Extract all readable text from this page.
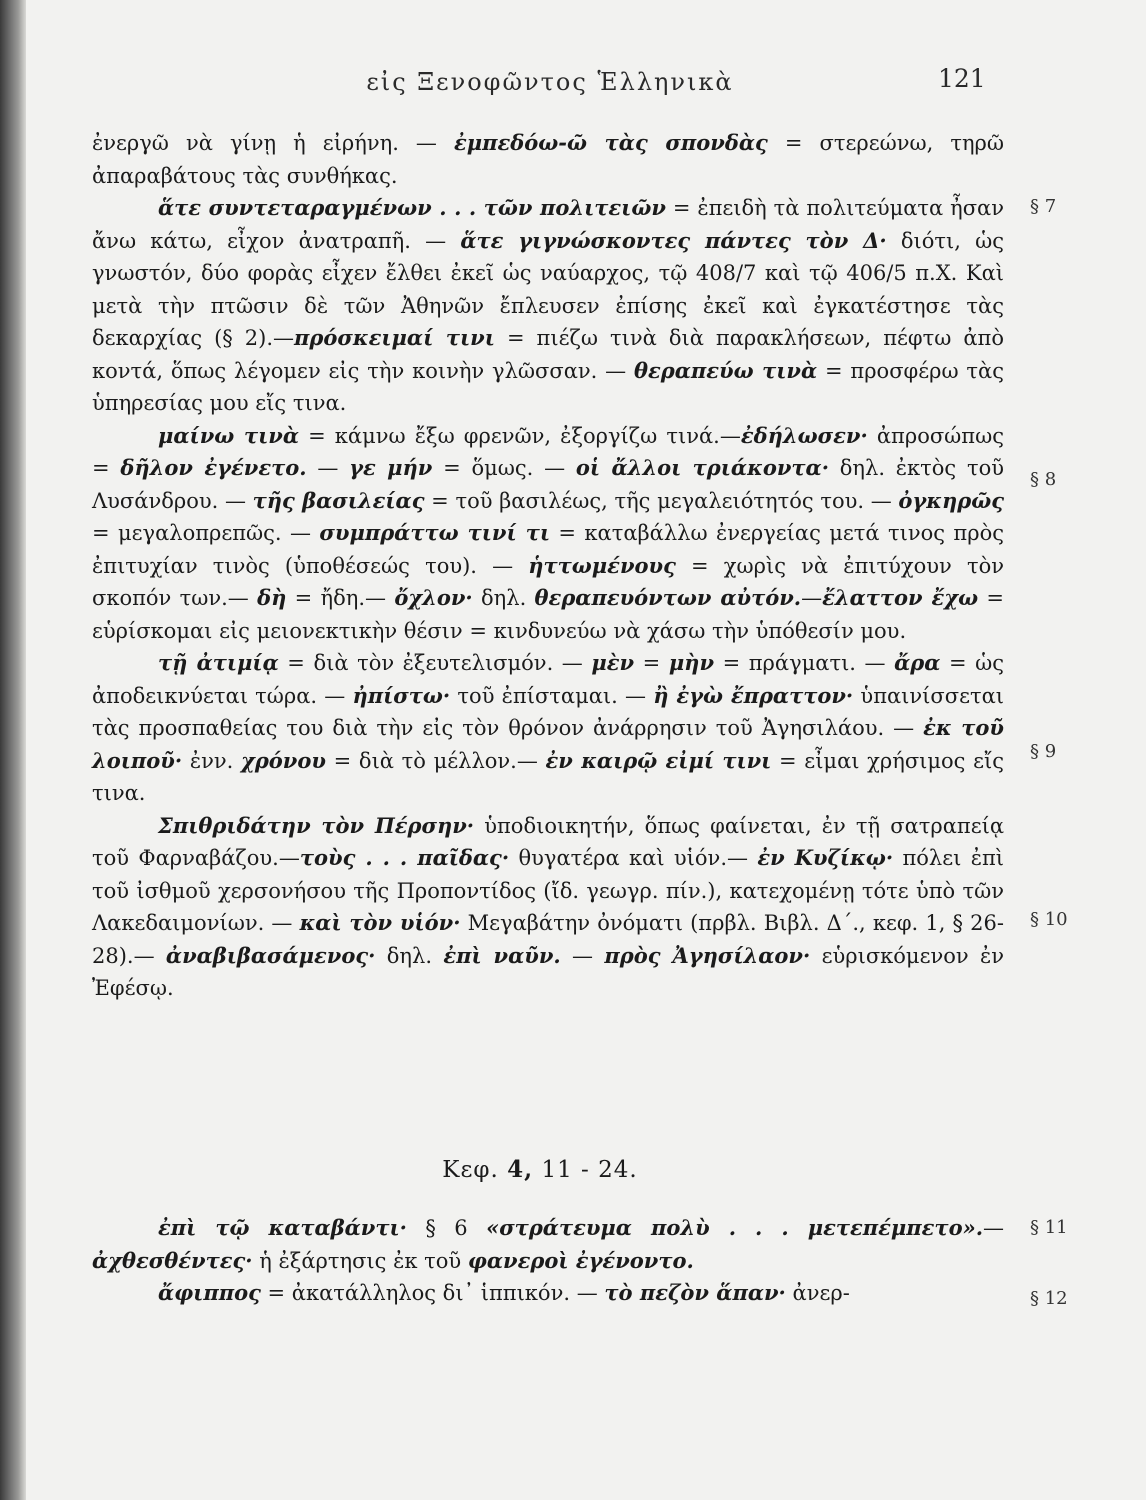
εἰς Ξενοφῶντος Ἑλληνικὰ	121

ἐνεργῶ νὰ γίνῃ ἡ εἰρήνη. — ἐμπεδόω-ῶ τὰς σπονδὰς = στερεώνω, τηρῶ ἀπαραβάτους τὰς συνθήκας.

ἅτε συντεταραγμένων . . . τῶν πολιτειῶν = ἐπειδὴ τὰ πολιτεύματα ἦσαν ἄνω κάτω, εἶχον ἀνατραπῆ. — ἅτε γιγνώσκοντες πάντες τὸν Δ· διότι, ὡς γνωστόν, δύο φορὰς εἶχεν ἔλθει ἐκεῖ ὡς ναύαρχος, τῷ 408/7 καὶ τῷ 406/5 π.Χ. Καὶ μετὰ τὴν πτῶσιν δὲ τῶν Ἀθηνῶν ἔπλευσεν ἐπίσης ἐκεῖ καὶ ἐγκατέστησε τὰς δεκαρχίας (§ 2).—πρόσκειμαί τινι = πιέζω τινὰ διὰ παρακλήσεων, πέφτω ἀπὸ κοντά, ὅπως λέγομεν εἰς τὴν κοινὴν γλῶσσαν. — θεραπεύω τινὰ = προσφέρω τὰς ὑπηρεσίας μου εἴς τινα.

μαίνω τινὰ = κάμνω ἔξω φρενῶν, ἐξοργίζω τινά.—ἐδήλωσεν· ἀπροσώπως = δῆλον ἐγένετο. — γε μήν = ὅμως. — οἱ ἄλλοι τριάκοντα· δηλ. ἐκτὸς τοῦ Λυσάνδρου. — τῆς βασιλείας = τοῦ βασιλέως, τῆς μεγαλειότητός του. — ὀγκηρῶς = μεγαλοπρεπῶς. — συμπράττω τινί τι = καταβάλλω ἐνεργείας μετά τινος πρὸς ἐπιτυχίαν τινὸς (ὑποθέσεώς του). — ἡττωμένους = χωρὶς νὰ ἐπιτύχουν τὸν σκοπόν των.— δὴ = ἤδη.— ὄχλον· δηλ. θεραπευόντων αὐτόν.—ἔλαττον ἔχω = εὑρίσκομαι εἰς μειονεκτικὴν θέσιν = κινδυνεύω νὰ χάσω τὴν ὑπόθεσίν μου.

τῇ ἀτιμίᾳ = διὰ τὸν ἐξευτελισμόν. — μὲν = μὴν = πράγματι. — ἄρα = ὡς ἀποδεικνύεται τώρα. — ἠπίστω· τοῦ ἐπίσταμαι. — ἢ ἐγὼ ἔπραττον· ὑπαινίσσεται τὰς προσπαθείας του διὰ τὴν εἰς τὸν θρόνον ἀνάρρησιν τοῦ Ἀγησιλάου. — ἐκ τοῦ λοιποῦ· ἐνν. χρόνου = διὰ τὸ μέλλον.— ἐν καιρῷ εἰμί τινι = εἶμαι χρήσιμος εἴς τινα.

Σπιθριδάτην τὸν Πέρσην· ὑποδιοικητήν, ὅπως φαίνεται, ἐν τῇ σατραπείᾳ τοῦ Φαρναβάζου.—τοὺς . . . παῖδας· θυγατέρα καὶ υἱόν.— ἐν Κυζίκῳ· πόλει ἐπὶ τοῦ ἰσθμοῦ χερσονήσου τῆς Προποντίδος (ἴδ. γεωγρ. πίν.), κατεχομένῃ τότε ὑπὸ τῶν Λακεδαιμονίων. — καὶ τὸν υἱόν· Μεγαβάτην ὀνόματι (πρβλ. Βιβλ. Δ΄., κεφ. 1, § 26-28).— ἀναβιβασάμενος· δηλ. ἐπὶ ναῦν. — πρὸς Ἀγησίλαον· εὑρισκόμενον ἐν Ἐφέσῳ.

Κεφ. 4, 11 - 24.

ἐπὶ τῷ καταβάντι· § 6 «στράτευμα πολὺ . . . μετεπέμπετο».— ἀχθεσθέντες· ἡ ἐξάρτησις ἐκ τοῦ φανεροὶ ἐγένοντο.

ἄφιππος = ἀκατάλληλος δι᾽ ἱππικόν. — τὸ πεζὸν ἅπαν· ἀνερ-

§ 7
§ 8
§ 9
§ 10
§ 11
§ 12
